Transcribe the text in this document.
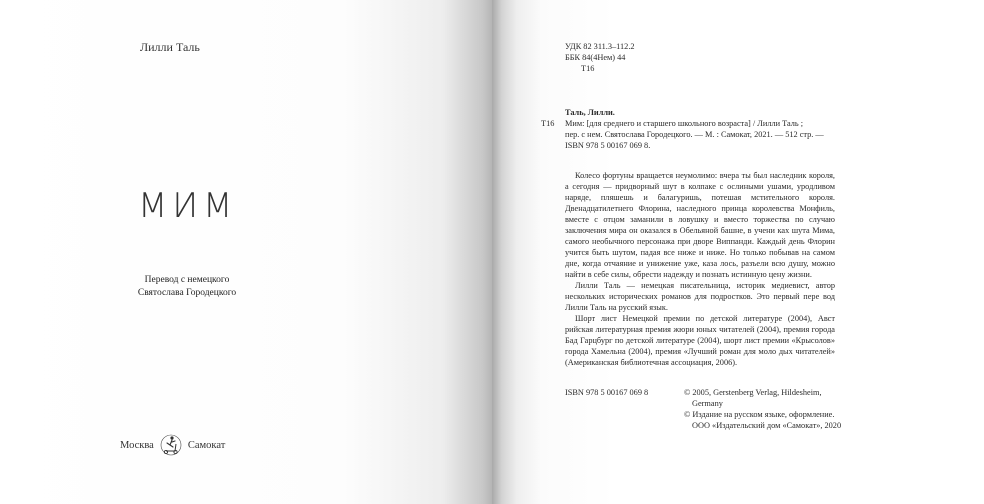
Лилли Таль
МИМ
Перевод с немецкого
Святослава Городецкого
Москва	Самокат
УДК 82 311.3–112.2
ББК 84(4Нем) 44
Т16
Т16
Таль, Лилли.
Мим: [для среднего и старшего школьного возраста] / Лилли Таль ;
пер. с нем. Святослава Городецкого. — М. : Самокат, 2021. — 512 стр. —
ISBN 978 5 00167 069 8.

Колесо фортуны вращается неумолимо: вчера ты был наследник короля, а сегодня — придворный шут в колпаке с ослиными ушами, уродливом наряде, пляшешь и балагуришь, потешая мстительного короля. Двенадцатилетнего Флорина, наследного принца королевства Монфиль, вместе с отцом заманили в ловушку и вместо торжества по случаю заключения мира он оказался в Обельяной башне, в учени ках шута Мима, самого необычного персонажа при дворе Виппанди. Каждый день Флорин учится быть шутом, падая все ниже и ниже. Но только побывав на самом дне, когда отчаяние и унижение уже, каза лось, разъели всю душу, можно найти в себе силы, обрести надежду и познать истинную цену жизни.

Лилли Таль — немецкая писательница, историк медиевист, автор нескольких исторических романов для подростков. Это первый пере вод Лилли Таль на русский язык.

Шорт лист Немецкой премии по детской литературе (2004), Авст рийская литературная премия жюри юных читателей (2004), премия города Бад Гарцбург по детской литературе (2004), шорт лист премии «Крысолов» города Хамельна (2004), премия «Лучший роман для моло дых читателей» (Американская библиотечная ассоциация, 2006).

ISBN 978 5 00167 069 8	© 2005, Gerstenberg Verlag, Hildesheim,
Germany
© Издание на русском языке, оформление.
ООО «Издательский дом «Самокат», 2020
